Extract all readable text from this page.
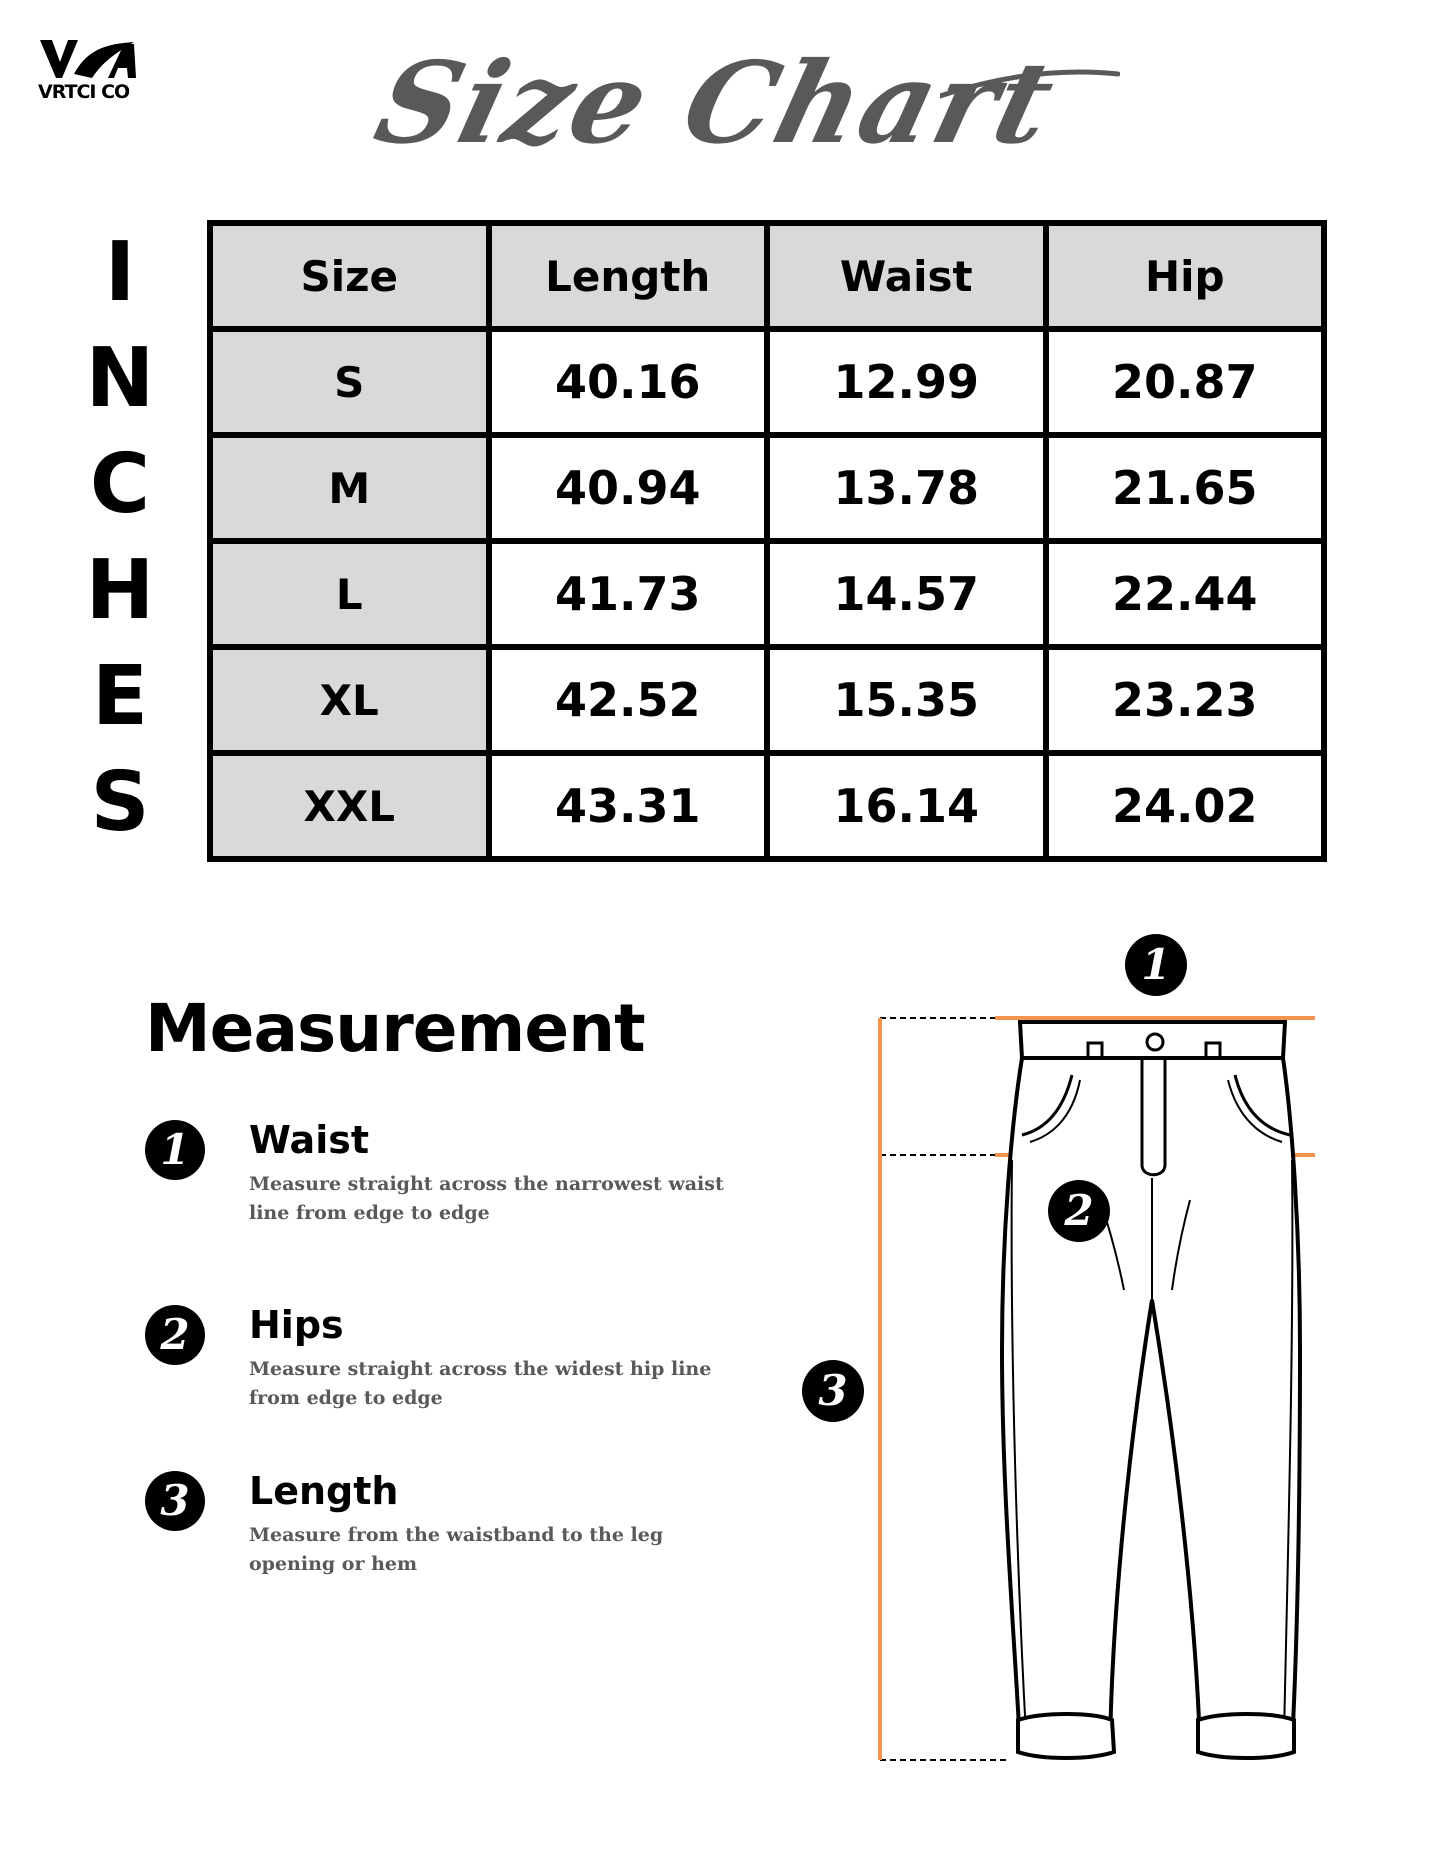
VRTCI CO Size Chart
I
N
C
H
E
S
Size	Length	Waist	Hip
S	40.16	12.99	20.87
M	40.94	13.78	21.65
L	41.73	14.57	22.44
XL	42.52	15.35	23.23
XXL	43.31	16.14	24.02
Measurement
1	Waist
Measure straight across the narrowest waist line from edge to edge
2	Hips
Measure straight across the widest hip line from edge to edge
3	Length
Measure from the waistband to the leg opening or hem
1
2
3
